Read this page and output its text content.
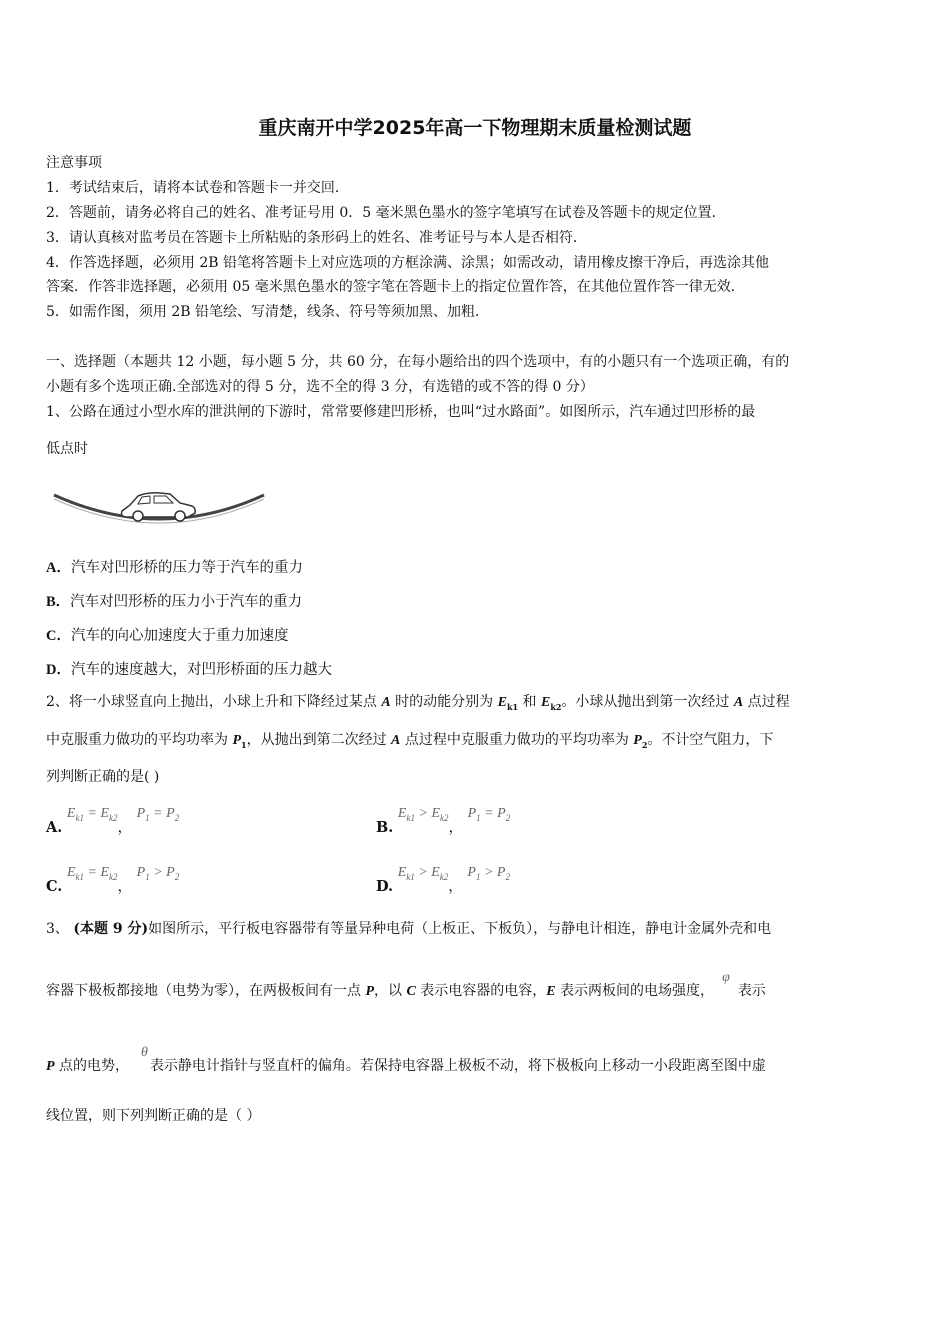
重庆南开中学2025年高一下物理期末质量检测试题
注意事项
1．考试结束后，请将本试卷和答题卡一并交回．
2．答题前，请务必将自己的姓名、准考证号用 0．5 毫米黑色墨水的签字笔填写在试卷及答题卡的规定位置．
3．请认真核对监考员在答题卡上所粘贴的条形码上的姓名、准考证号与本人是否相符．
4．作答选择题，必须用 2B 铅笔将答题卡上对应选项的方框涂满、涂黑；如需改动，请用橡皮擦干净后，再选涂其他
答案．作答非选择题，必须用 05 毫米黑色墨水的签字笔在答题卡上的指定位置作答，在其他位置作答一律无效．
5．如需作图，须用 2B 铅笔绘、写清楚，线条、符号等须加黑、加粗．
一、选择题（本题共 12 小题，每小题 5 分，共 60 分，在每小题给出的四个选项中，有的小题只有一个选项正确，有的
小题有多个选项正确.全部选对的得 5 分，选不全的得 3 分，有选错的或不答的得 0 分）
1、公路在通过小型水库的泄洪闸的下游时，常常要修建凹形桥，也叫“过水路面”。如图所示，汽车通过凹形桥的最
低点时
A．汽车对凹形桥的压力等于汽车的重力
B．汽车对凹形桥的压力小于汽车的重力
C．汽车的向心加速度大于重力加速度
D．汽车的速度越大，对凹形桥面的压力越大
2、将一小球竖直向上抛出，小球上升和下降经过某点 A 时的动能分别为 $E_{k1}$ 和 $E_{k2}$。小球从抛出到第一次经过 A 点过程
中克服重力做功的平均功率为 $P_1$，从抛出到第二次经过 A 点过程中克服重力做功的平均功率为 $P_2$。不计空气阻力，下
列判断正确的是( )
A. $E_{k1} = E_{k2}$， $P_1 = P_2$
B. $E_{k1} > E_{k2}$， $P_1 = P_2$
C. $E_{k1} = E_{k2}$， $P_1 > P_2$
D. $E_{k1} > E_{k2}$， $P_1 > P_2$
3、 (本题 9 分)如图所示，平行板电容器带有等量异种电荷（上板正、下板负），与静电计相连，静电计金属外壳和电
容器下极板都接地（电势为零），在两极板间有一点 P，以 C 表示电容器的电容，E 表示两板间的电场强度，φ表示
P 点的电势，θ表示静电计指针与竖直杆的偏角。若保持电容器上极板不动，将下极板向上移动一小段距离至图中虚
线位置，则下列判断正确的是（ ）
